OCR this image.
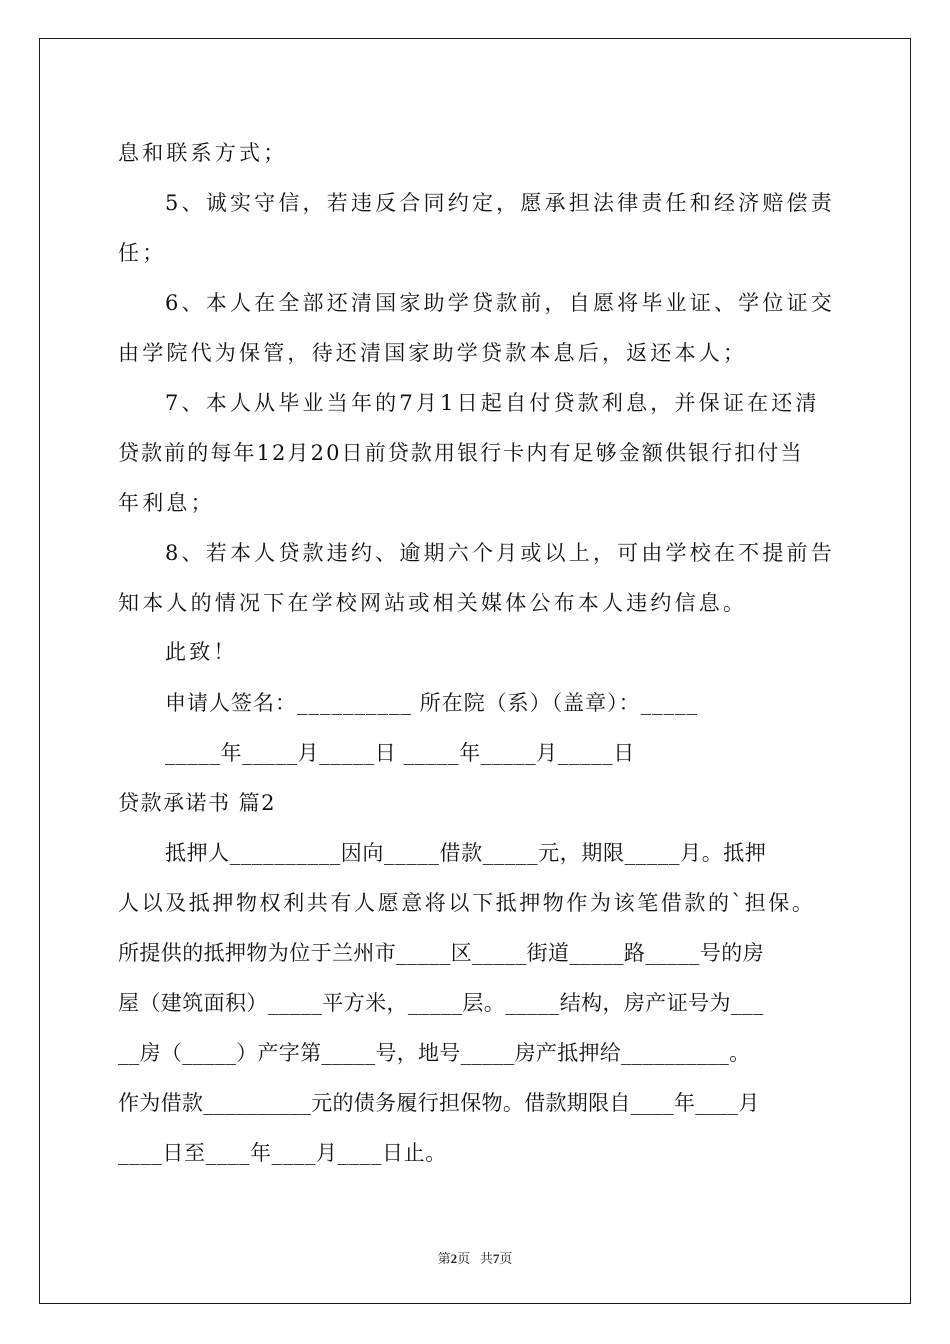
息和联系方式；
5、诚实守信，若违反合同约定，愿承担法律责任和经济赔偿责
任；
6、本人在全部还清国家助学贷款前，自愿将毕业证、学位证交
由学院代为保管，待还清国家助学贷款本息后，返还本人；
7、本人从毕业当年的7月1日起自付贷款利息，并保证在还清
贷款前的每年12月20日前贷款用银行卡内有足够金额供银行扣付当
年利息；
8、若本人贷款违约、逾期六个月或以上，可由学校在不提前告
知本人的情况下在学校网站或相关媒体公布本人违约信息。
此致！
申请人签名：__________ 所在院（系）（盖章）：_____
_____年_____月_____日 _____年_____月_____日
贷款承诺书 篇2
抵押人__________因向_____借款_____元，期限_____月。抵押
人以及抵押物权利共有人愿意将以下抵押物作为该笔借款的`担保。
所提供的抵押物为位于兰州市_____区_____街道_____路_____号的房
屋（建筑面积）_____平方米，_____层。_____结构，房产证号为___
__房（_____）产字第_____号，地号_____房产抵押给__________。
作为借款__________元的债务履行担保物。借款期限自____年____月
____日至____年____月____日止。
第2页   共7页
